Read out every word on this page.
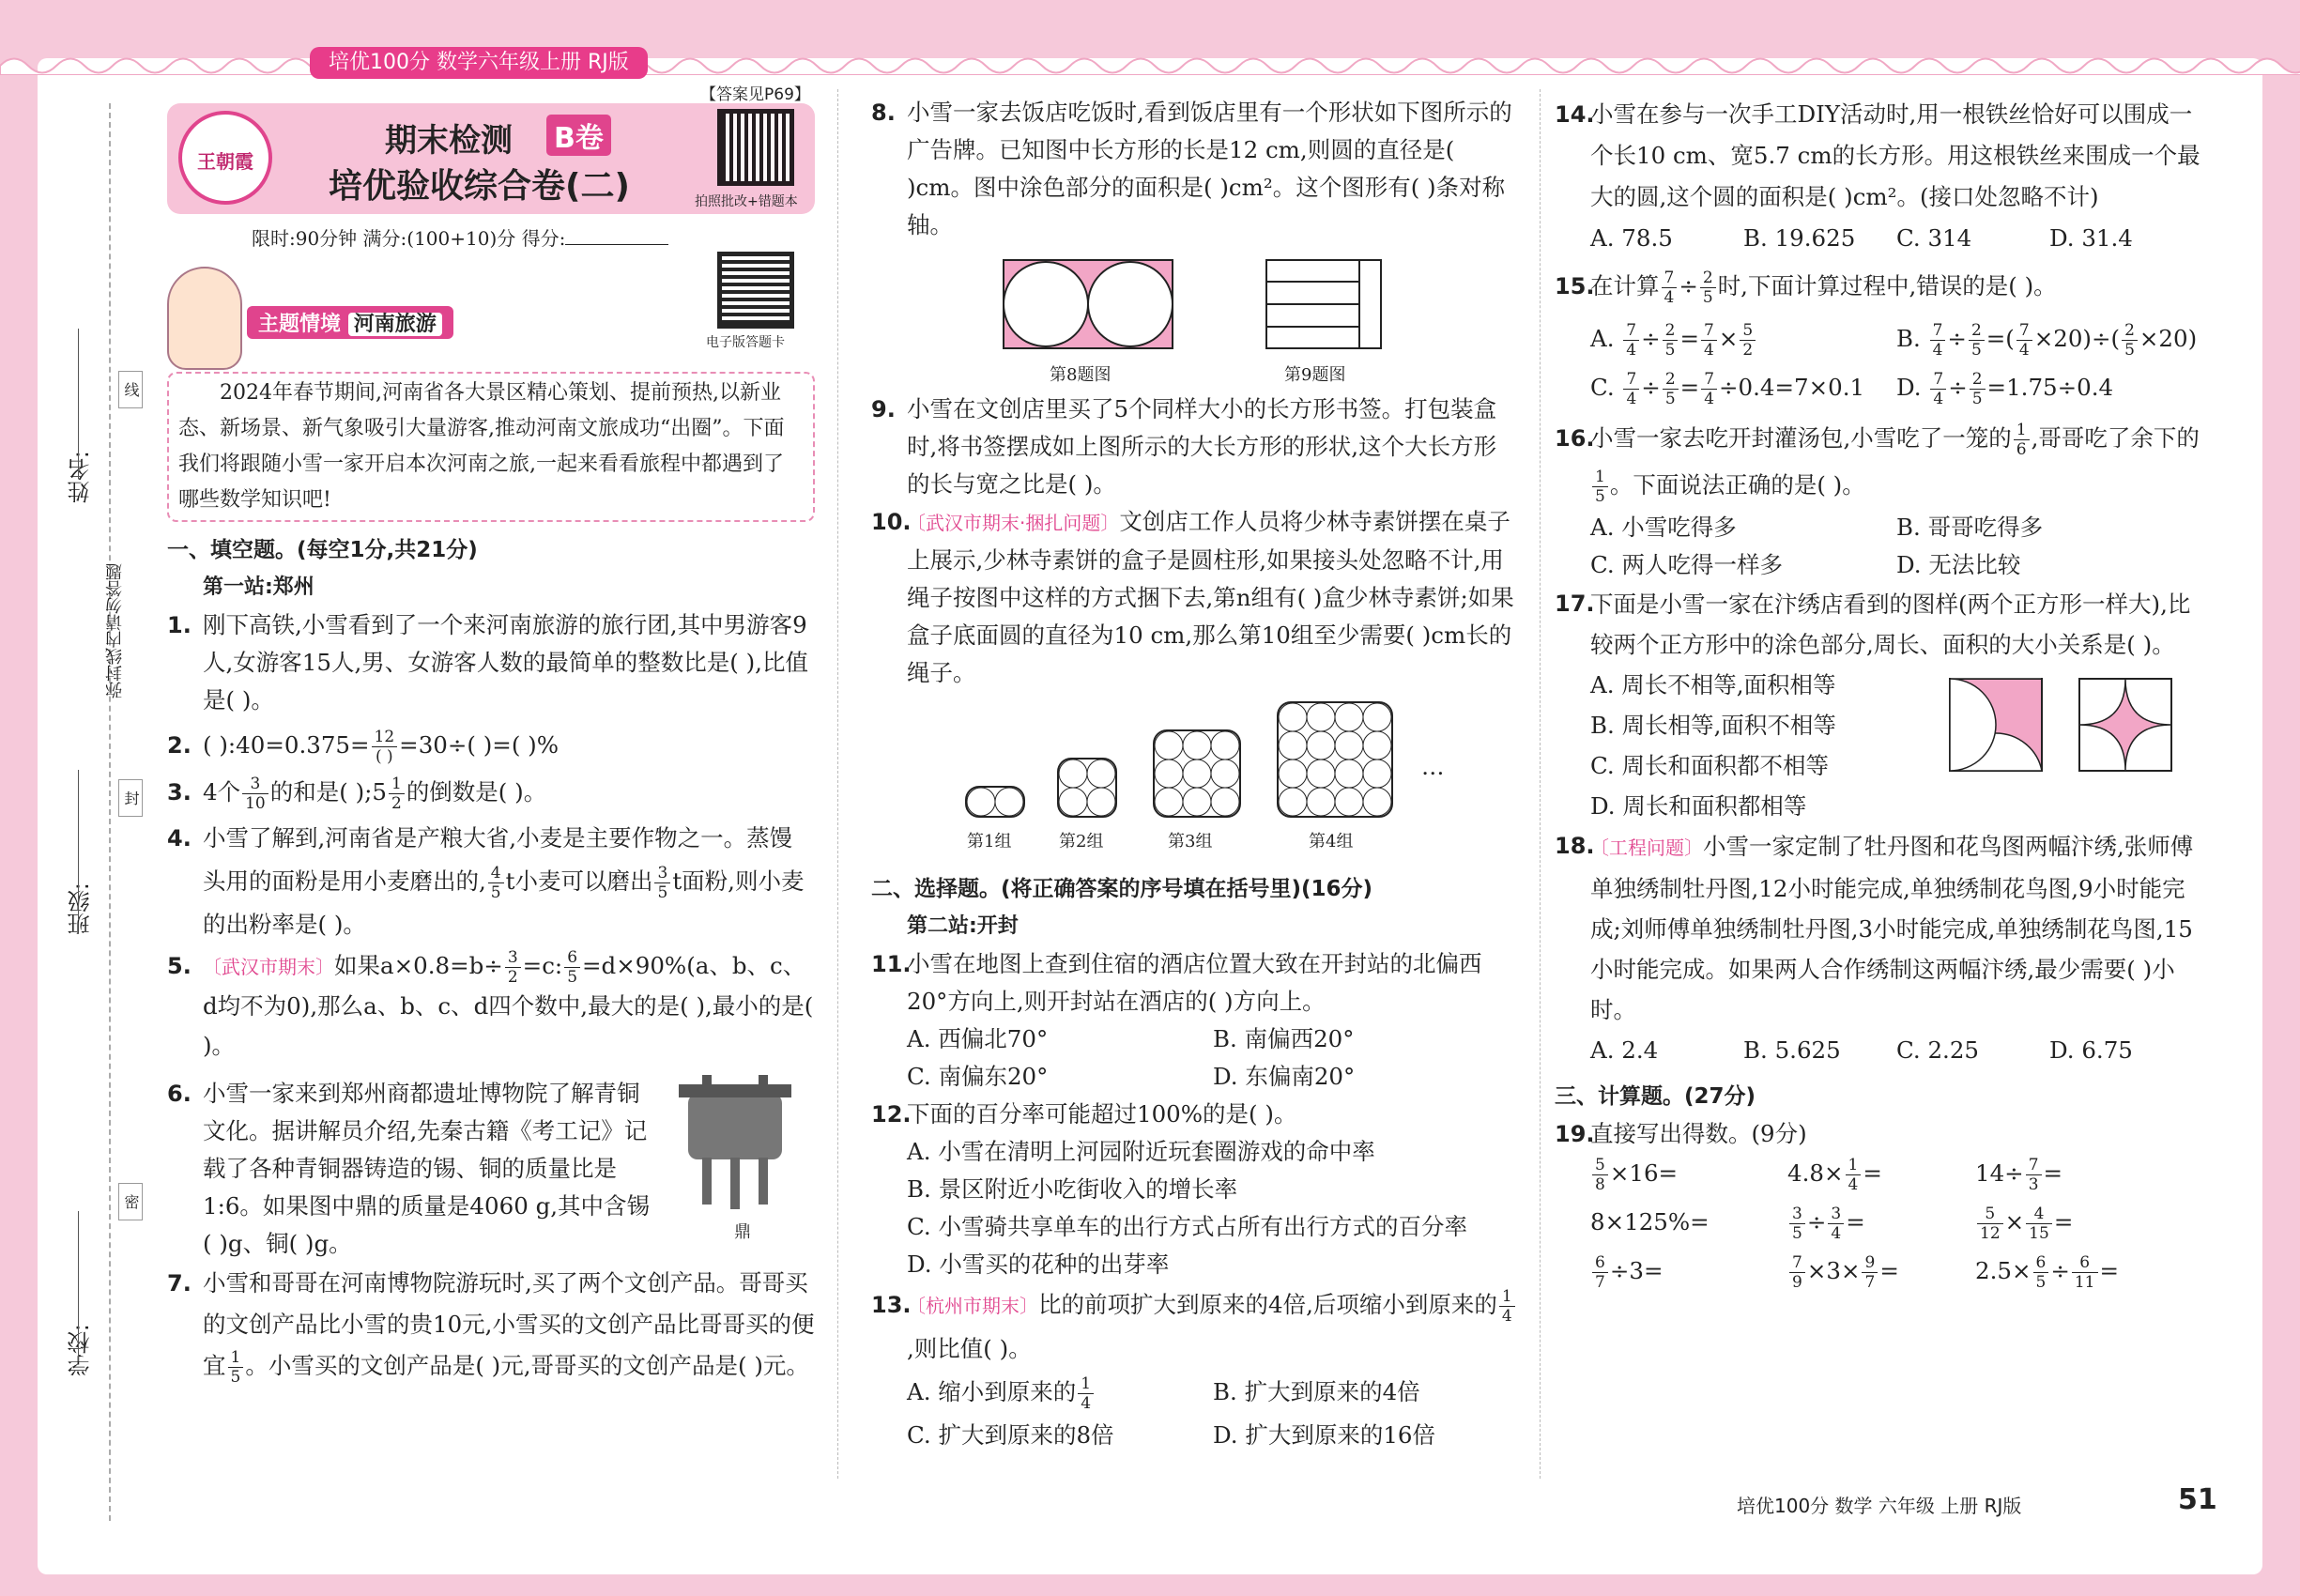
培优100分 数学六年级上册 RJ版
姓名:
班级:
学校:
线
弥封线内请勿答题
封
密
王朝霞
期末检测 B卷
培优验收综合卷(二)
【答案见P69】
拍照批改+错题本
限时:90分钟 满分:(100+10)分 得分:
主题情境 河南旅游
电子版答题卡
2024年春节期间,河南省各大景区精心策划、提前预热,以新业态、新场景、新气象吸引大量游客,推动河南文旅成功“出圈”。下面我们将跟随小雪一家开启本次河南之旅,一起来看看旅程中都遇到了哪些数学知识吧!
一、填空题。(每空1分,共21分)
第一站:郑州
1. 刚下高铁,小雪看到了一个来河南旅游的旅行团,其中男游客9人,女游客15人,男、女游客人数的最简单的整数比是( ),比值是( )。
2. ( ):40=0.375= $\frac{12}{( )} =30\div$( )=( )%
3. 4个 $\frac{3}{10}$ 的和是( );5 $\frac{1}{2}$ 的倒数是( )。
4. 小雪了解到,河南省是产粮大省,小麦是主要作物之一。蒸馒头用的面粉是用小麦磨出的, $\frac{4}{5}$ t小麦可以磨出 $\frac{3}{5}$ t面粉,则小麦的出粉率是( )。
5. 〔武汉市期末〕如果$a\times 0.8=b\div \frac{3}{2} =c$: $\frac{6}{5} =d\times 90\%(a$、b、c、d均不为0),那么a、b、c、d四个数中,最大的是( ),最小的是( )。
6. 小雪一家来到郑州商都遗址博物院了解青铜文化。据讲解员介绍,先秦古籍《考工记》记载了各种青铜器铸造的锡、铜的质量比是1:6。如果图中鼎的质量是4060 g,其中含锡( )g、铜( )g。	鼎
7. 小雪和哥哥在河南博物院游玩时,买了两个文创产品。哥哥买的文创产品比小雪的贵10元,小雪买的文创产品比哥哥买的便宜 $\frac{1}{5}$ 。小雪买的文创产品是( )元,哥哥买的文创产品是( )元。
8. 小雪一家去饭店吃饭时,看到饭店里有一个形状如下图所示的广告牌。已知图中长方形的长是12 cm,则圆的直径是( )cm。图中涂色部分的面积是( )cm²。这个图形有( )条对称轴。
第8题图	第9题图
9. 小雪在文创店里买了5个同样大小的长方形书签。打包装盒时,将书签摆成如上图所示的大长方形的形状,这个大长方形的长与宽之比是( )。
10.
〔武汉市期末·捆扎问题〕文创店工作人员将少林寺素饼摆在桌子上展示,少林寺素饼的盒子是圆柱形,如果接头处忽略不计,用绳子按图中这样的方式捆下去,第n组有( )盒少林寺素饼;如果盒子底面圆的直径为10 cm,那么第10组至少需要( )cm长的绳子。
…
第1组	第2组	第3组	第4组
二、选择题。(将正确答案的序号填在括号里)(16分)
第二站:开封
11.
小雪在地图上查到住宿的酒店位置大致在开封站的北偏西20°方向上,则开封站在酒店的( )方向上。
A. 西偏北70°	B. 南偏西20°
C. 南偏东20°	D. 东偏南20°
12.
下面的百分率可能超过100%的是( )。
A. 小雪在清明上河园附近玩套圈游戏的命中率
B. 景区附近小吃街收入的增长率
C. 小雪骑共享单车的出行方式占所有出行方式的百分率
D. 小雪买的花种的出芽率
13.
〔杭州市期末〕比的前项扩大到原来的4倍,后项缩小到原来的 $\frac{1}{4}$
,则比值( )。
A. 缩小到原来的 $\frac{1}{4}$	B. 扩大到原来的4倍
C. 扩大到原来的8倍	D. 扩大到原来的16倍
14.
小雪在参与一次手工DIY活动时,用一根铁丝恰好可以围成一个长10 cm、宽5.7 cm的长方形。用这根铁丝来围成一个最大的圆,这个圆的面积是( )cm²。(接口处忽略不计)
A. 78.5	B. 19.625	C. 314	D. 31.4
15.
在计算 $\frac{7}{4} \div \frac{2}{5}$ 时,下面计算过程中,错误的是( )。
A. $\frac{7}{4} \div \frac{2}{5} = \frac{7}{4} \times \frac{5}{2}$	B. $\frac{7}{4} \div \frac{2}{5}$ =( $\frac{7}{4} \times 20)\div( \frac{2}{5} \times 20)$
C. $\frac{7}{4} \div \frac{2}{5} = \frac{7}{4} \div 0.4=7\times 0.1$	D. $\frac{7}{4} \div \frac{2}{5} =1.75\div 0.4$
16.
小雪一家去吃开封灌汤包,小雪吃了一笼的 $\frac{1}{6}$ ,哥哥吃了余下的
$\frac{1}{5}$ 。下面说法正确的是( )。
A. 小雪吃得多	B. 哥哥吃得多
C. 两人吃得一样多	D. 无法比较
17.
下面是小雪一家在汴绣店看到的图样(两个正方形一样大),比较两个正方形中的涂色部分,周长、面积的大小关系是( )。
A. 周长不相等,面积相等
B. 周长相等,面积不相等
C. 周长和面积都不相等
D. 周长和面积都相等
18.
〔工程问题〕小雪一家定制了牡丹图和花鸟图两幅汴绣,张师傅单独绣制牡丹图,12小时能完成,单独绣制花鸟图,9小时能完成;刘师傅单独绣制牡丹图,3小时能完成,单独绣制花鸟图,15小时能完成。如果两人合作绣制这两幅汴绣,最少需要( )小时。
A. 2.4	B. 5.625	C. 2.25	D. 6.75
三、计算题。(27分)
19.
直接写出得数。(9分)
$\frac{5}{8} \times 16=$	$4.8\times \frac{1}{4}$ =	$14\div \frac{7}{3}$ =
8×125%=	$\frac{3}{5} \div \frac{3}{4}$ =	$\frac{5}{12} \times \frac{4}{15}$ =
$\frac{6}{7} \div 3=$	$\frac{7}{9} \times 3\times \frac{9}{7}$ =	$2.5\times \frac{6}{5} \div \frac{6}{11}$ =
培优100分 数学 六年级 上册 RJ版	51
